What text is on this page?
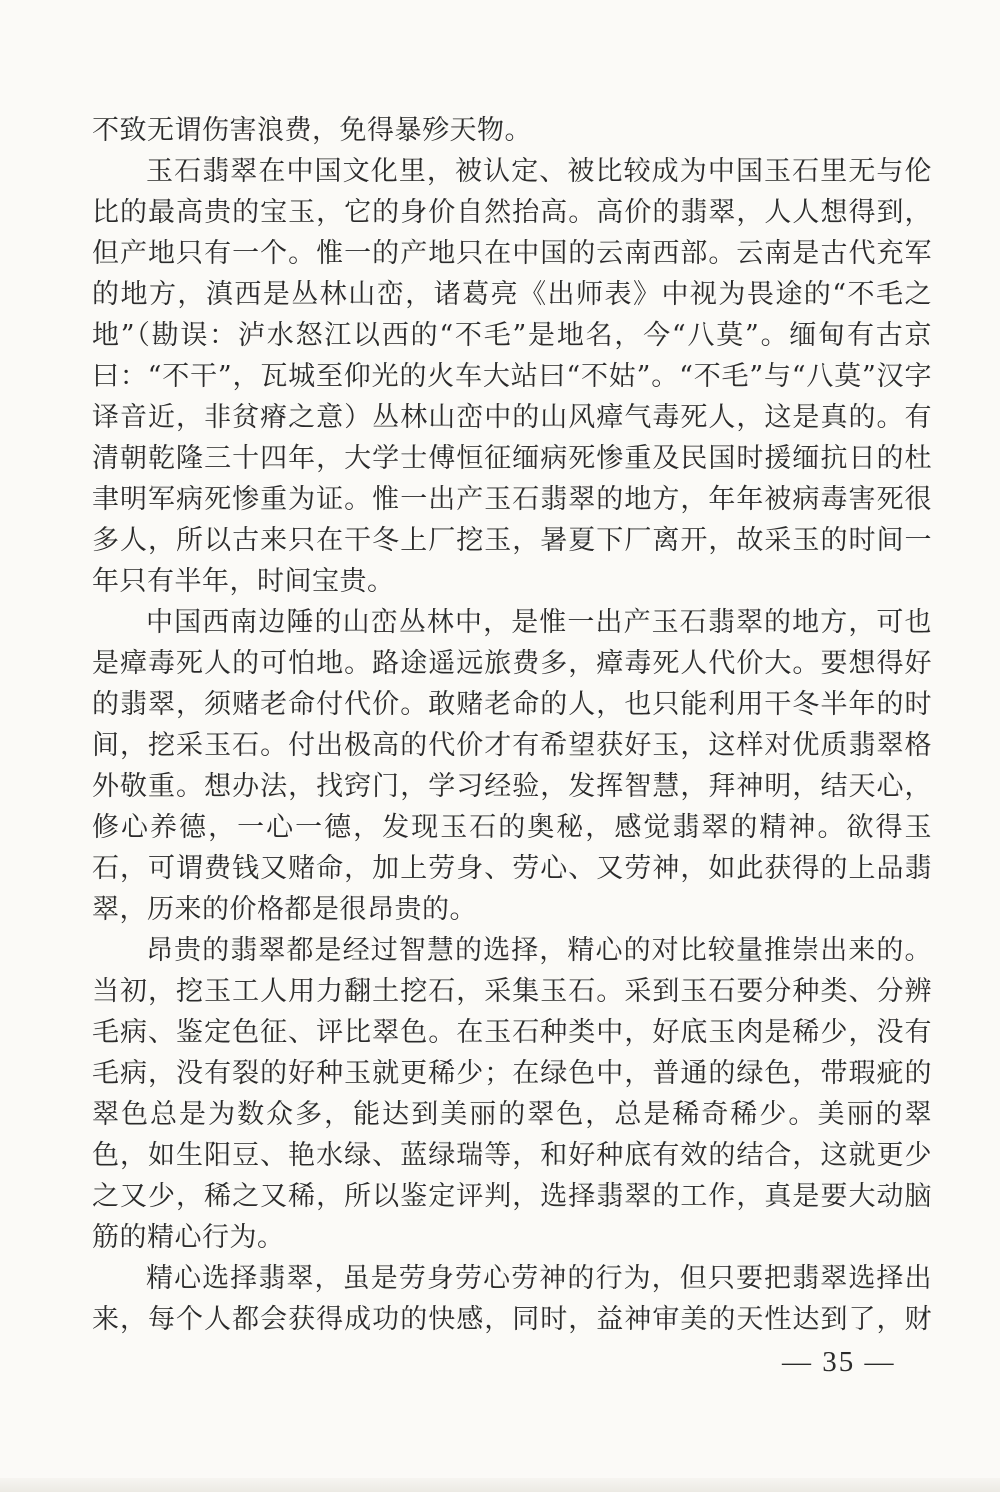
不致无谓伤害浪费，免得暴殄天物。

玉石翡翠在中国文化里，被认定、被比较成为中国玉石里无与伦比的最高贵的宝玉，它的身价自然抬高。高价的翡翠，人人想得到，但产地只有一个。惟一的产地只在中国的云南西部。云南是古代充军的地方，滇西是丛林山峦，诸葛亮《出师表》中视为畏途的“不毛之地”（勘误：泸水怒江以西的“不毛”是地名，今“八莫”。缅甸有古京曰：“不干”，瓦城至仰光的火车大站曰“不姑”。“不毛”与“八莫”汉字译音近，非贫瘠之意）丛林山峦中的山风瘴气毒死人，这是真的。有清朝乾隆三十四年，大学士傅恒征缅病死惨重及民国时援缅抗日的杜聿明军病死惨重为证。惟一出产玉石翡翠的地方，年年被病毒害死很多人，所以古来只在干冬上厂挖玉，暑夏下厂离开，故采玉的时间一年只有半年，时间宝贵。

中国西南边陲的山峦丛林中，是惟一出产玉石翡翠的地方，可也是瘴毒死人的可怕地。路途遥远旅费多，瘴毒死人代价大。要想得好的翡翠，须赌老命付代价。敢赌老命的人，也只能利用干冬半年的时间，挖采玉石。付出极高的代价才有希望获好玉，这样对优质翡翠格外敬重。想办法，找窍门，学习经验，发挥智慧，拜神明，结天心，修心养德，一心一德，发现玉石的奥秘，感觉翡翠的精神。欲得玉石，可谓费钱又赌命，加上劳身、劳心、又劳神，如此获得的上品翡翠，历来的价格都是很昂贵的。

昂贵的翡翠都是经过智慧的选择，精心的对比较量推崇出来的。当初，挖玉工人用力翻土挖石，采集玉石。采到玉石要分种类、分辨毛病、鉴定色征、评比翠色。在玉石种类中，好底玉肉是稀少，没有毛病，没有裂的好种玉就更稀少；在绿色中，普通的绿色，带瑕疵的翠色总是为数众多，能达到美丽的翠色，总是稀奇稀少。美丽的翠色，如生阳豆、艳水绿、蓝绿瑞等，和好种底有效的结合，这就更少之又少，稀之又稀，所以鉴定评判，选择翡翠的工作，真是要大动脑筋的精心行为。

精心选择翡翠，虽是劳身劳心劳神的行为，但只要把翡翠选择出来，每个人都会获得成功的快感，同时，益神审美的天性达到了，财

— 35 —
